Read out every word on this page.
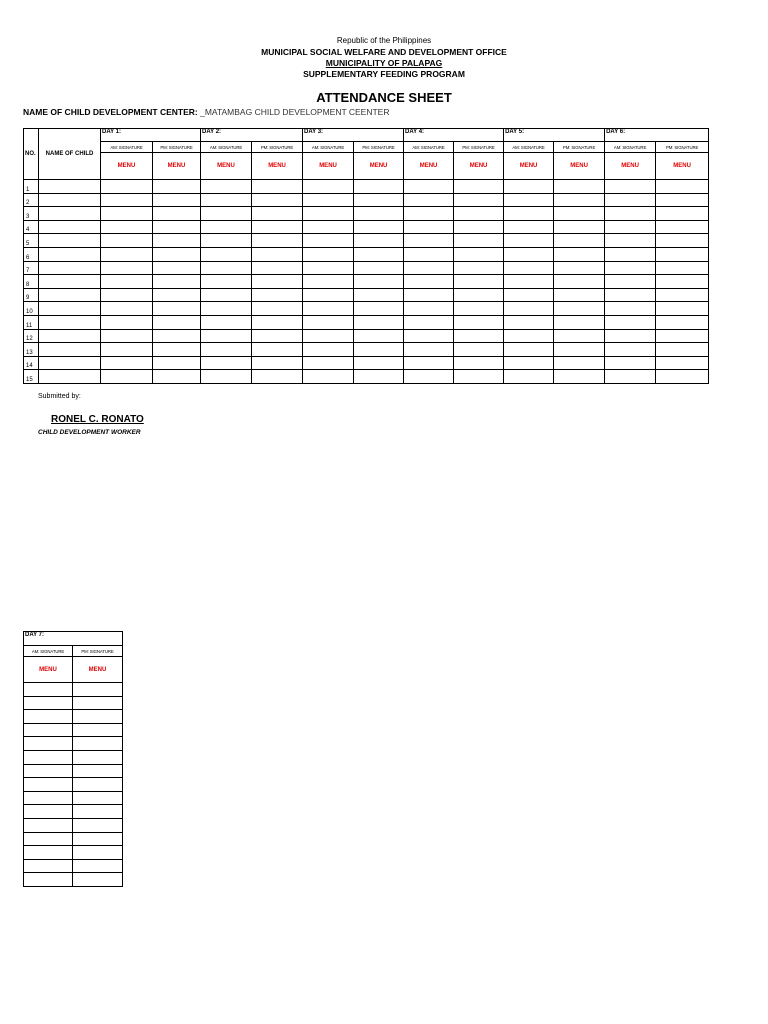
Republic of the Philippines
MUNICIPAL SOCIAL WELFARE AND DEVELOPMENT OFFICE
MUNICIPALITY OF PALAPAG
SUPPLEMENTARY FEEDING PROGRAM
ATTENDANCE SHEET
NAME OF CHILD DEVELOPMENT CENTER: _MATAMBAG CHILD DEVELOPMENT CEENTER
NO.	NAME OF CHILD	DAY 1:		DAY 2:		DAY 3:		DAY 4:		DAY 5:		DAY 6:	
		AM: SIGNATURE	PM: SIGNATURE	AM: SIGNATURE	PM: SIGNATURE	AM: SIGNATURE	PM: SIGNATURE	AM: SIGNATURE	PM: SIGNATURE	AM: SIGNATURE	PM: SIGNATURE	AM: SIGNATURE	PM: SIGNATURE
		MENU	MENU	MENU	MENU	MENU	MENU	MENU	MENU	MENU	MENU	MENU	MENU
1													
2													
3													
4													
5													
6													
7													
8													
9													
10													
11													
12													
13													
14													
15													
DAY 7:	
AM: SIGNATURE	PM: SIGNATURE
MENU	MENU

Submitted by:
RONEL C. RONATO
CHILD DEVELOPMENT WORKER
